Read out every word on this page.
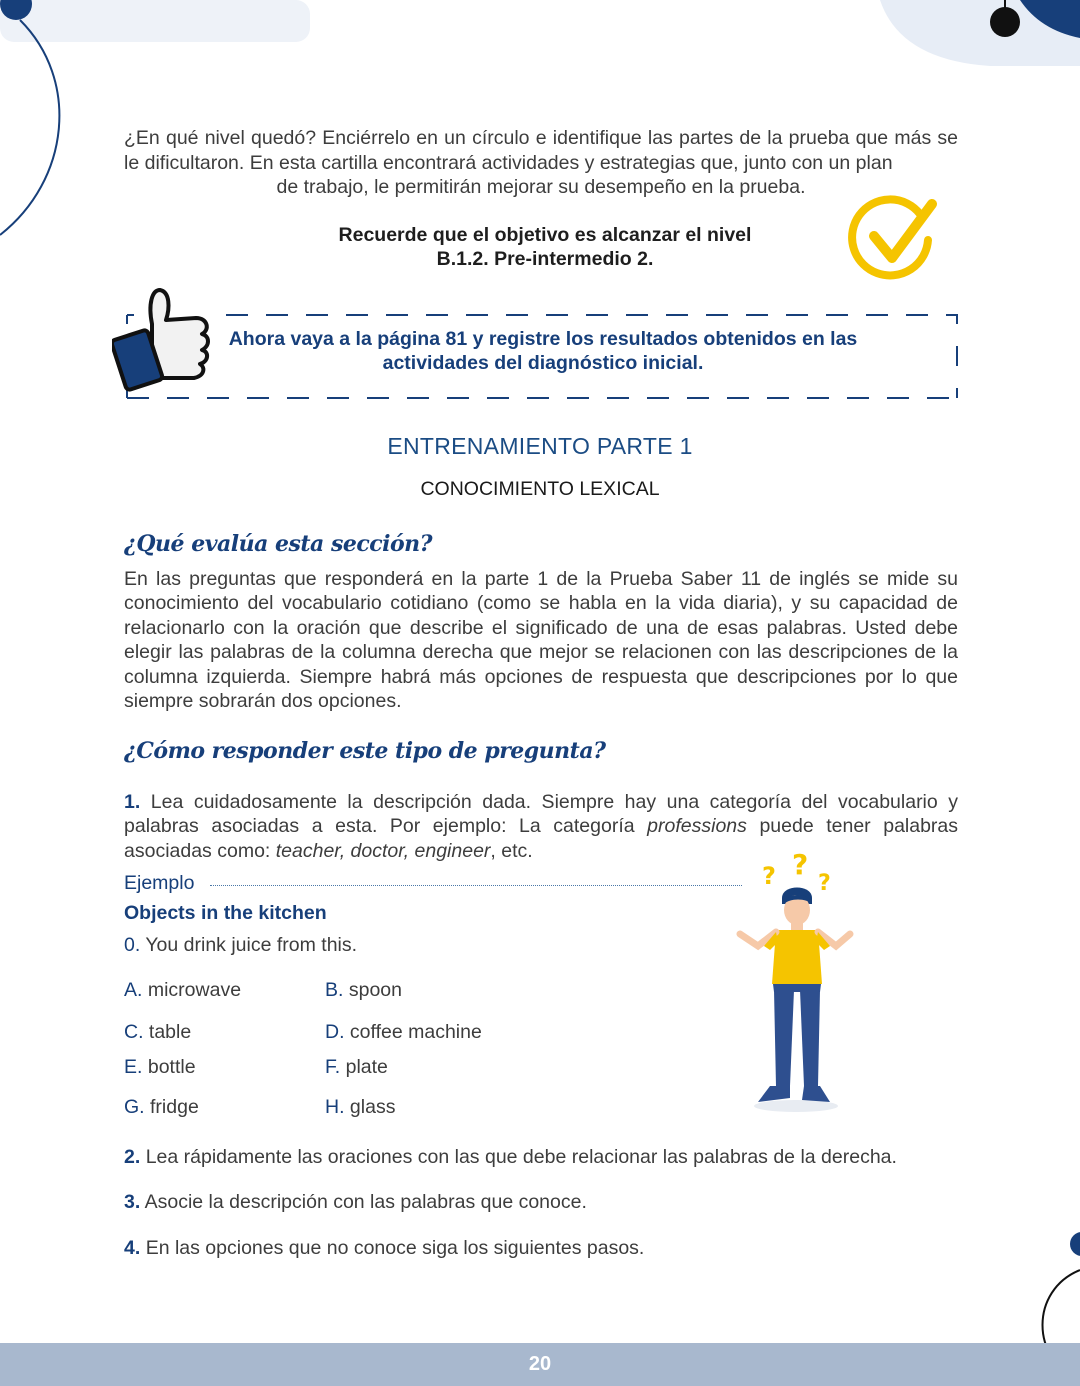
¿En qué nivel quedó? Enciérrelo en un círculo e identifique las partes de la prueba que más se le dificultaron. En esta cartilla encontrará actividades y estrategias que, junto con un plan
de trabajo, le permitirán mejorar su desempeño en la prueba.

Recuerde que el objetivo es alcanzar el nivel
B.1.2. Pre-intermedio 2.
Ahora vaya a la página 81 y registre los resultados obtenidos en las
actividades del diagnóstico inicial.
ENTRENAMIENTO PARTE 1
CONOCIMIENTO LEXICAL
¿Qué evalúa esta sección?

En las preguntas que responderá en la parte 1 de la Prueba Saber 11 de inglés se mide su conocimiento del vocabulario cotidiano (como se habla en la vida diaria), y su capacidad de relacionarlo con la oración que describe el significado de una de esas palabras. Usted debe elegir las palabras de la columna derecha que mejor se relacionen con las descripciones de la columna izquierda. Siempre habrá más opciones de respuesta que descripciones por lo que siempre sobrarán dos opciones.

¿Cómo responder este tipo de pregunta?

1. Lea cuidadosamente la descripción dada. Siempre hay una categoría del vocabulario y palabras asociadas a esta. Por ejemplo: La categoría professions puede tener palabras asociadas como: teacher, doctor, engineer, etc.

Ejemplo
Objects in the kitchen
0. You drink juice from this.
A. microwave	B. spoon
C. table	D. coffee machine
E. bottle	F. plate
G. fridge	H. glass
? ?
?
2. Lea rápidamente las oraciones con las que debe relacionar las palabras de la derecha.
3. Asocie la descripción con las palabras que conoce.
4. En las opciones que no conoce siga los siguientes pasos.
20
